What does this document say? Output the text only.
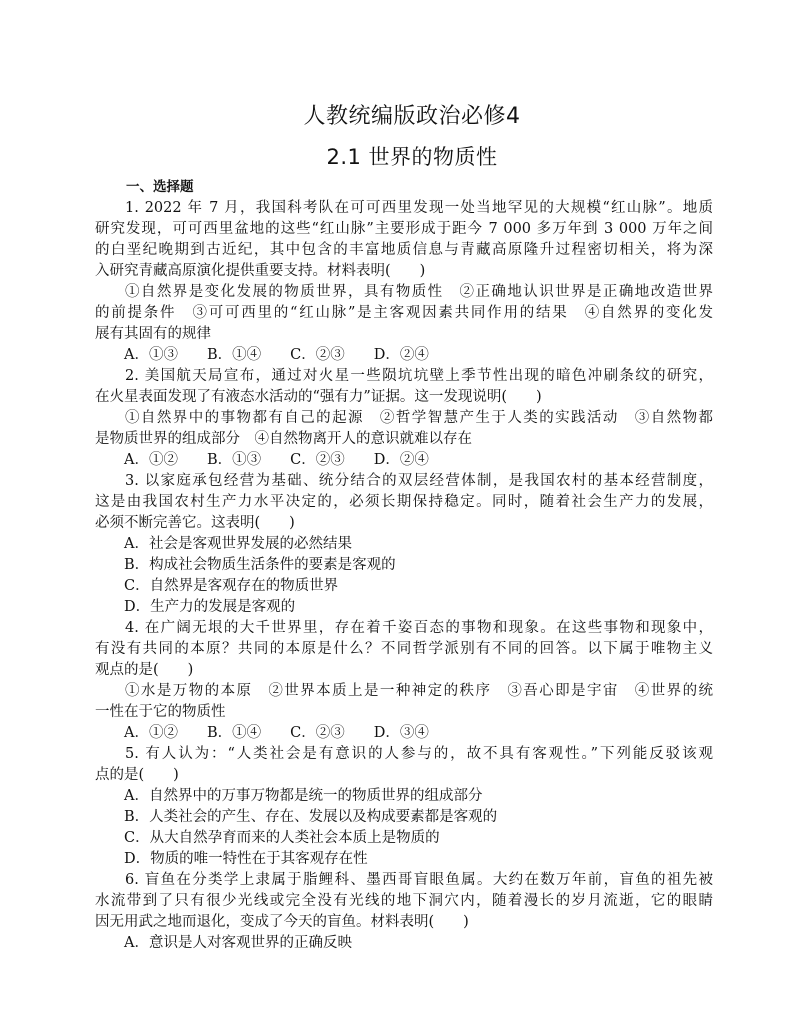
人教统编版政治必修4
2.1 世界的物质性
一、选择题
1. 2022 年 7 月，我国科考队在可可西里发现一处当地罕见的大规模“红山脉”。地质
研究发现，可可西里盆地的这些“红山脉”主要形成于距今 7 000 多万年到 3 000 万年之间
的白垩纪晚期到古近纪，其中包含的丰富地质信息与青藏高原隆升过程密切相关，将为深
入研究青藏高原演化提供重要支持。材料表明(　　)
①自然界是变化发展的物质世界，具有物质性　②正确地认识世界是正确地改造世界
的前提条件　③可可西里的“红山脉”是主客观因素共同作用的结果　④自然界的变化发
展有其固有的规律
A．①③　　B．①④　　C．②③　　D．②④
2. 美国航天局宣布，通过对火星一些陨坑坑壁上季节性出现的暗色冲刷条纹的研究，
在火星表面发现了有液态水活动的“强有力”证据。这一发现说明(　　)
①自然界中的事物都有自己的起源　②哲学智慧产生于人类的实践活动　③自然物都
是物质世界的组成部分　④自然物离开人的意识就难以存在
A．①②　　B．①③　　C．②③　　D．②④
3. 以家庭承包经营为基础、统分结合的双层经营体制，是我国农村的基本经营制度，
这是由我国农村生产力水平决定的，必须长期保持稳定。同时，随着社会生产力的发展，
必须不断完善它。这表明(　　)
A．社会是客观世界发展的必然结果
B．构成社会物质生活条件的要素是客观的
C．自然界是客观存在的物质世界
D．生产力的发展是客观的
4. 在广阔无垠的大千世界里，存在着千姿百态的事物和现象。在这些事物和现象中，
有没有共同的本原？共同的本原是什么？不同哲学派别有不同的回答。以下属于唯物主义
观点的是(　　)
①水是万物的本原　②世界本质上是一种神定的秩序　③吾心即是宇宙　④世界的统
一性在于它的物质性
A．①②　　B．①④　　C．②③　　D．③④
5. 有人认为：“人类社会是有意识的人参与的，故不具有客观性。”下列能反驳该观
点的是(　　)
A．自然界中的万事万物都是统一的物质世界的组成部分
B．人类社会的产生、存在、发展以及构成要素都是客观的
C．从大自然孕育而来的人类社会本质上是物质的
D．物质的唯一特性在于其客观存在性
6. 盲鱼在分类学上隶属于脂鲤科、墨西哥盲眼鱼属。大约在数万年前，盲鱼的祖先被
水流带到了只有很少光线或完全没有光线的地下洞穴内，随着漫长的岁月流逝，它的眼睛
因无用武之地而退化，变成了今天的盲鱼。材料表明(　　)
A．意识是人对客观世界的正确反映
